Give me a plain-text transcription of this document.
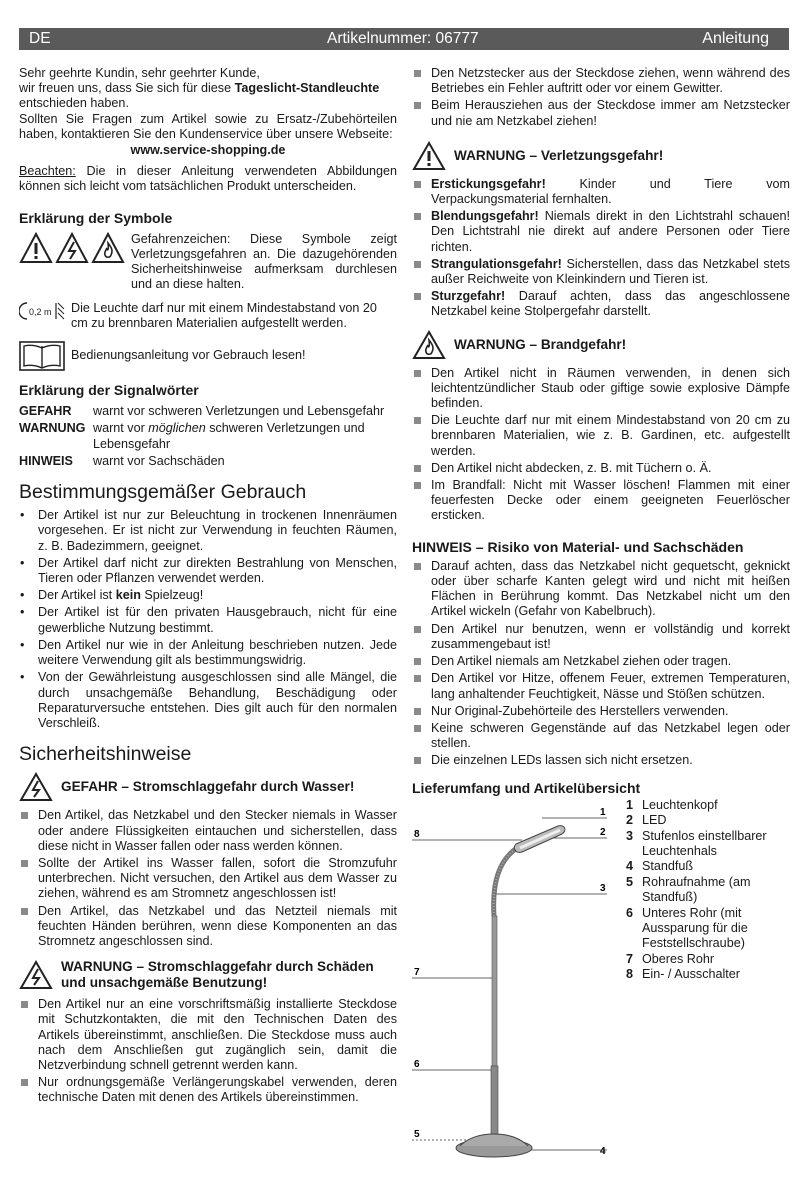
DE	Artikelnummer: 06777	Anleitung

Sehr geehrte Kundin, sehr geehrter Kunde,

wir freuen uns, dass Sie sich für diese Tageslicht-Standleuchte entschieden haben.

Sollten Sie Fragen zum Artikel sowie zu Ersatz-/Zubehörteilen haben, kontaktieren Sie den Kundenservice über unsere Webseite:

www.service-shopping.de

Beachten: Die in dieser Anleitung verwendeten Abbildungen können sich leicht vom tatsächlichen Produkt unterscheiden.

Erklärung der Symbole

Gefahrenzeichen: Diese Symbole zeigt Verletzungsgefahren an. Die dazugehörenden Sicherheitshinweise aufmerksam durchlesen und an diese halten.

0,2 m Die Leuchte darf nur mit einem Mindestabstand von 20 cm zu brennbaren Materialien aufgestellt werden.

Bedienungsanleitung vor Gebrauch lesen!

Erklärung der Signalwörter
GEFAHR	warnt vor schweren Verletzungen und Lebensgefahr
WARNUNG warnt vor möglichen schweren Verletzungen und Lebensgefahr
HINWEIS	warnt vor Sachschäden
Bestimmungsgemäßer Gebrauch
• Der Artikel ist nur zur Beleuchtung in trockenen Innenräumen vorgesehen. Er ist nicht zur Verwendung in feuchten Räumen, z. B. Badezimmern, geeignet.
• Der Artikel darf nicht zur direkten Bestrahlung von Menschen, Tieren oder Pflanzen verwendet werden.
• Der Artikel ist kein Spielzeug!
• Der Artikel ist für den privaten Hausgebrauch, nicht für eine gewerbliche Nutzung bestimmt.
• Den Artikel nur wie in der Anleitung beschrieben nutzen. Jede weitere Verwendung gilt als bestimmungswidrig.
• Von der Gewährleistung ausgeschlossen sind alle Mängel, die durch unsachgemäße Behandlung, Beschädigung oder Reparaturversuche entstehen. Dies gilt auch für den normalen Verschleiß.
Sicherheitshinweise
GEFAHR – Stromschlaggefahr durch Wasser!
Den Artikel, das Netzkabel und den Stecker niemals in Wasser oder andere Flüssigkeiten eintauchen und sicherstellen, dass diese nicht in Wasser fallen oder nass werden können.
Sollte der Artikel ins Wasser fallen, sofort die Stromzufuhr unterbrechen. Nicht versuchen, den Artikel aus dem Wasser zu ziehen, während es am Stromnetz angeschlossen ist!
Den Artikel, das Netzkabel und das Netzteil niemals mit feuchten Händen berühren, wenn diese Komponenten an das Stromnetz angeschlossen sind.
WARNUNG – Stromschlaggefahr durch Schäden und unsachgemäße Benutzung!
Den Artikel nur an eine vorschriftsmäßig installierte Steckdose mit Schutzkontakten, die mit den Technischen Daten des Artikels übereinstimmt, anschließen. Die Steckdose muss auch nach dem Anschließen gut zugänglich sein, damit die Netzverbindung schnell getrennt werden kann.
Nur ordnungsgemäße Verlängerungskabel verwenden, deren technische Daten mit denen des Artikels übereinstimmen.
Den Netzstecker aus der Steckdose ziehen, wenn während des Betriebes ein Fehler auftritt oder vor einem Gewitter.
Beim Herausziehen aus der Steckdose immer am Netzstecker und nie am Netzkabel ziehen!
WARNUNG – Verletzungsgefahr!
Erstickungsgefahr! Kinder und Tiere vom Verpackungsmaterial fernhalten.
Blendungsgefahr! Niemals direkt in den Lichtstrahl schauen! Den Lichtstrahl nie direkt auf andere Personen oder Tiere richten.
Strangulationsgefahr! Sicherstellen, dass das Netzkabel stets außer Reichweite von Kleinkindern und Tieren ist.
Sturzgefahr! Darauf achten, dass das angeschlossene Netzkabel keine Stolpergefahr darstellt.
WARNUNG – Brandgefahr!
Den Artikel nicht in Räumen verwenden, in denen sich leichtentzündlicher Staub oder giftige sowie explosive Dämpfe befinden.
Die Leuchte darf nur mit einem Mindestabstand von 20 cm zu brennbaren Materialien, wie z. B. Gardinen, etc. aufgestellt werden.
Den Artikel nicht abdecken, z. B. mit Tüchern o. Ä.
Im Brandfall: Nicht mit Wasser löschen! Flammen mit einer feuerfesten Decke oder einem geeigneten Feuerlöscher ersticken.
HINWEIS – Risiko von Material- und Sachschäden
Darauf achten, dass das Netzkabel nicht gequetscht, geknickt oder über scharfe Kanten gelegt wird und nicht mit heißen Flächen in Berührung kommt. Das Netzkabel nicht um den Artikel wickeln (Gefahr von Kabelbruch).
Den Artikel nur benutzen, wenn er vollständig und korrekt zusammengebaut ist!
Den Artikel niemals am Netzkabel ziehen oder tragen.
Den Artikel vor Hitze, offenem Feuer, extremen Temperaturen, lang anhaltender Feuchtigkeit, Nässe und Stößen schützen.
Nur Original-Zubehörteile des Herstellers verwenden.
Keine schweren Gegenstände auf das Netzkabel legen oder stellen.
Die einzelnen LEDs lassen sich nicht ersetzen.
Lieferumfang und Artikelübersicht
1
2
3
4
5
6
7
8
1 Leuchtenkopf
2 LED
3 Stufenlos einstellbarer Leuchtenhals
4 Standfuß
5 Rohraufnahme (am Standfuß)
6 Unteres Rohr (mit Aussparung für die Feststellschraube)
7 Oberes Rohr
8 Ein- / Ausschalter
